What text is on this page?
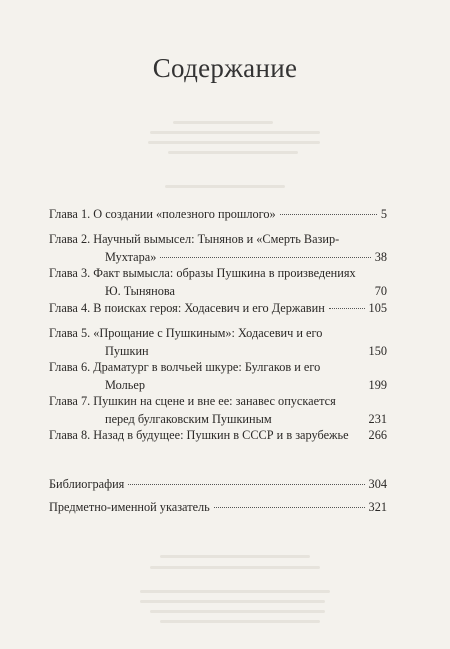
Содержание
Глава 1. О создании «полезного прошлого»	5
Глава 2. Научный вымысел: Тынянов и «Смерть Вазир-
Мухтара»	38
Глава 3. Факт вымысла: образы Пушкина в произведениях
Ю. Тынянова	70
Глава 4. В поисках героя: Ходасевич и его Державин	105
Глава 5. «Прощание с Пушкиным»: Ходасевич и его
Пушкин	150
Глава 6. Драматург в волчьей шкуре: Булгаков и его
Мольер	199
Глава 7. Пушкин на сцене и вне ее: занавес опускается
перед булгаковским Пушкиным	231
Глава 8. Назад в будущее: Пушкин в СССР и в зарубежье 266
Библиография	304
Предметно-именной указатель	321
